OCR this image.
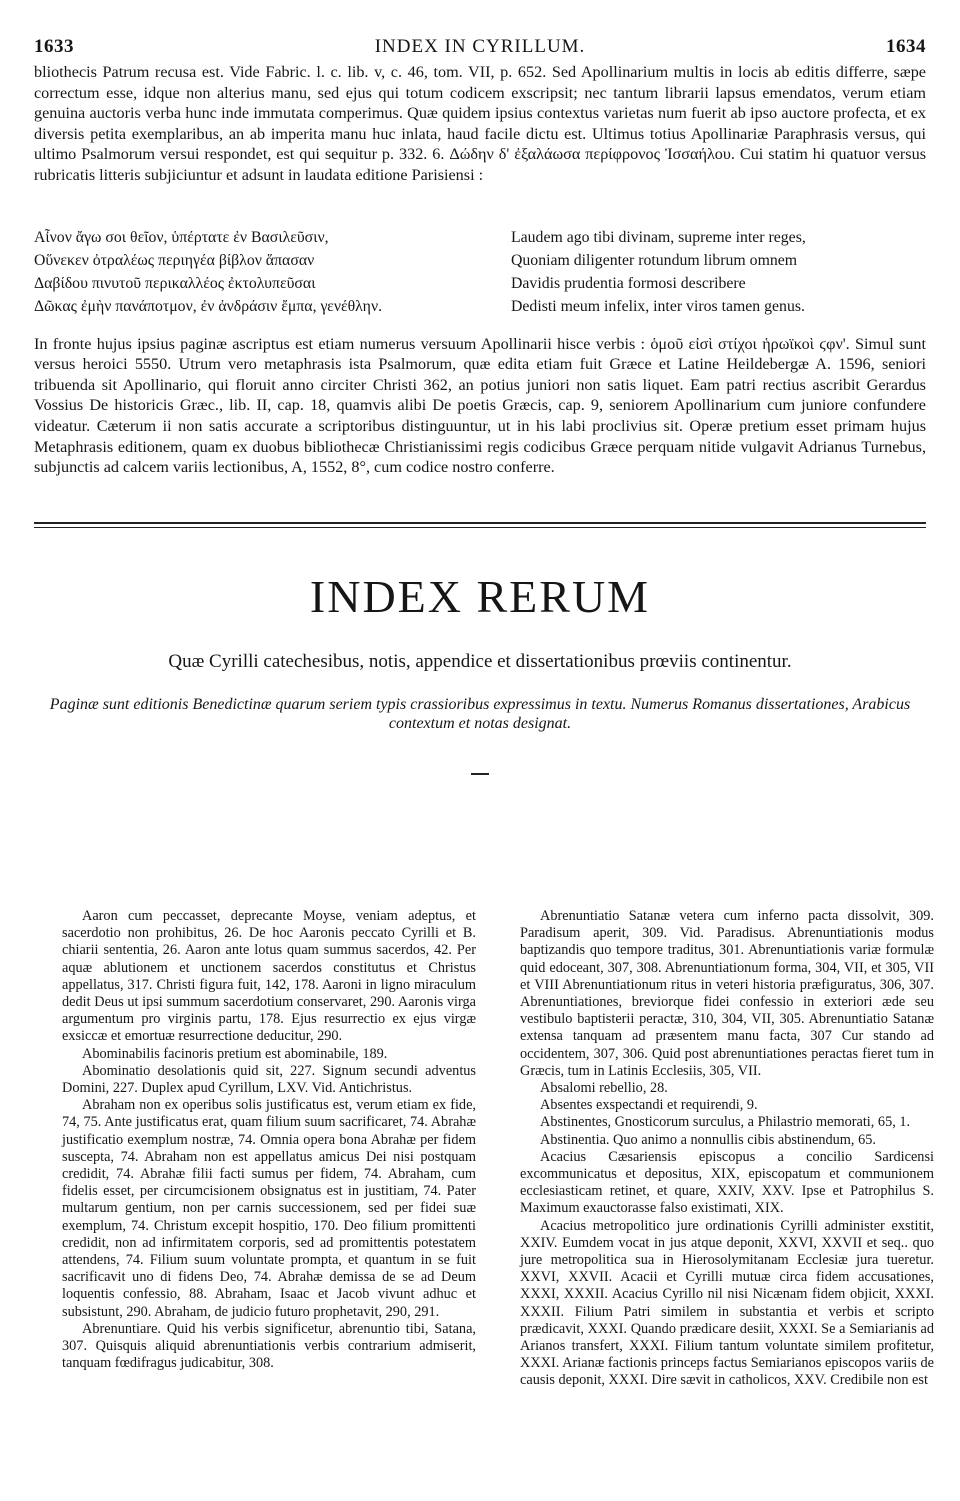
1633	INDEX IN CYRILLUM.	1634

bliothecis Patrum recusa est. Vide Fabric. l. c. lib. v, c. 46, tom. VII, p. 652. Sed Apollinarium multis in locis ab editis differre, sæpe correctum esse, idque non alterius manu, sed ejus qui totum codicem exscripsit; nec tantum librarii lapsus emendatos, verum etiam genuina auctoris verba hunc inde immutata comperimus. Quæ quidem ipsius contextus varietas num fuerit ab ipso auctore profecta, et ex diversis petita exemplaribus, an ab imperita manu huc inlata, haud facile dictu est. Ultimus totius Apollinariæ Paraphrasis versus, qui ultimo Psalmorum versui respondet, est qui sequitur p. 332. 6. Δώδην δ' ἐξαλάωσα περίφρονος Ἰσσαήλου. Cui statim hi quatuor versus rubricatis litteris subjiciuntur et adsunt in laudata editione Parisiensi :

Αἶνον ἄγω σοι θεῖον, ὑπέρτατε ἐν Βασιλεῦσιν,
Οὕνεκεν ὀτραλέως περιηγέα βίβλον ἅπασαν
Δαβίδου πινυτοῦ περικαλλέος ἐκτολυπεῦσαι
Δῶκας ἐμὴν πανάποτμον, ἐν ἀνδράσιν ἔμπα, γενέθλην.
Laudem ago tibi divinam, supreme inter reges,
Quoniam diligenter rotundum librum omnem
Davidis prudentia formosi describere
Dedisti meum infelix, inter viros tamen genus.

In fronte hujus ipsius paginæ ascriptus est etiam numerus versuum Apollinarii hisce verbis : ὁμοῦ εἰσὶ στίχοι ἡρωϊκοὶ ϛφν'. Simul sunt versus heroici 5550. Utrum vero metaphrasis ista Psalmorum, quæ edita etiam fuit Græce et Latine Heildebergæ A. 1596, seniori tribuenda sit Apollinario, qui floruit anno circiter Christi 362, an potius juniori non satis liquet. Eam patri rectius ascribit Gerardus Vossius De historicis Græc., lib. II, cap. 18, quamvis alibi De poetis Græcis, cap. 9, seniorem Apollinarium cum juniore confundere videatur. Cæterum ii non satis accurate a scriptoribus distinguuntur, ut in his labi proclivius sit. Operæ pretium esset primam hujus Metaphrasis editionem, quam ex duobus bibliothecæ Christianissimi regis codicibus Græce perquam nitide vulgavit Adrianus Turnebus, subjunctis ad calcem variis lectionibus, A, 1552, 8°, cum codice nostro conferre.

INDEX RERUM
Quæ Cyrilli catechesibus, notis, appendice et dissertationibus prœviis continentur.
Paginæ sunt editionis Benedictinæ quarum seriem typis crassioribus expressimus in textu. Numerus Romanus dissertationes, Arabicus contextum et notas designat.

Aaron cum peccasset, deprecante Moyse, veniam adeptus, et sacerdotio non prohibitus, 26. De hoc Aaronis peccato Cyrilli et B. chiarii sententia, 26. Aaron ante lotus quam summus sacerdos, 42. Per aquæ ablutionem et unctionem sacerdos constitutus et Christus appellatus, 317. Christi figura fuit, 142, 178. Aaroni in ligno miraculum dedit Deus ut ipsi summum sacerdotium conservaret, 290. Aaronis virga argumentum pro virginis partu, 178. Ejus resurrectio ex ejus virgæ exsiccæ et emortuæ resurrectione deducitur, 290.

Abominabilis facinoris pretium est abominabile, 189.

Abominatio desolationis quid sit, 227. Signum secundi adventus Domini, 227. Duplex apud Cyrillum, LXV. Vid. Antichristus.

Abraham non ex operibus solis justificatus est, verum etiam ex fide, 74, 75. Ante justificatus erat, quam filium suum sacrificaret, 74. Abrahæ justificatio exemplum nostræ, 74. Omnia opera bona Abrahæ per fidem suscepta, 74. Abraham non est appellatus amicus Dei nisi postquam credidit, 74. Abrahæ filii facti sumus per fidem, 74. Abraham, cum fidelis esset, per circumcisionem obsignatus est in justitiam, 74. Pater multarum gentium, non per carnis successionem, sed per fidei suæ exemplum, 74. Christum excepit hospitio, 170. Deo filium promittenti credidit, non ad infirmitatem corporis, sed ad promittentis potestatem attendens, 74. Filium suum voluntate prompta, et quantum in se fuit sacrificavit uno di fidens Deo, 74. Abrahæ demissa de se ad Deum loquentis confessio, 88. Abraham, Isaac et Jacob vivunt adhuc et subsistunt, 290. Abraham, de judicio futuro prophetavit, 290, 291.

Abrenuntiare. Quid his verbis significetur, abrenuntio tibi, Satana, 307. Quisquis aliquid abrenuntiationis verbis contrarium admiserit, tanquam fœdifragus judicabitur, 308.

Abrenuntiatio Satanæ vetera cum inferno pacta dissolvit, 309. Paradisum aperit, 309. Vid. Paradisus. Abrenuntiationis modus baptizandis quo tempore traditus, 301. Abrenuntiationis variæ formulæ quid edoceant, 307, 308. Abrenuntiationum forma, 304, VII, et 305, VII et VIII Abrenuntiationum ritus in veteri historia præfiguratus, 306, 307. Abrenuntiationes, breviorque fidei confessio in exteriori æde seu vestibulo baptisterii peractæ, 310, 304, VII, 305. Abrenuntiatio Satanæ extensa tanquam ad præsentem manu facta, 307 Cur stando ad occidentem, 307, 306. Quid post abrenuntiationes peractas fieret tum in Græcis, tum in Latinis Ecclesiis, 305, VII.

Absalomi rebellio, 28.

Absentes exspectandi et requirendi, 9.

Abstinentes, Gnosticorum surculus, a Philastrio memorati, 65, 1.

Abstinentia. Quo animo a nonnullis cibis abstinendum, 65.

Acacius Cæsariensis episcopus a concilio Sardicensi excommunicatus et depositus, XIX, episcopatum et communionem ecclesiasticam retinet, et quare, XXIV, XXV. Ipse et Patrophilus S. Maximum exauctorasse falso existimati, XIX.

Acacius metropolitico jure ordinationis Cyrilli administer exstitit, XXIV. Eumdem vocat in jus atque deponit, XXVI, XXVII et seq.. quo jure metropolitica sua in Hierosolymitanam Ecclesiæ jura tueretur. XXVI, XXVII. Acacii et Cyrilli mutuæ circa fidem accusationes, XXXI, XXXII. Acacius Cyrillo nil nisi Nicænam fidem objicit, XXXI. XXXII. Filium Patri similem in substantia et verbis et scripto prædicavit, XXXI. Quando prædicare desiit, XXXI. Se a Semiarianis ad Arianos transfert, XXXI. Filium tantum voluntate similem profitetur, XXXI. Arianæ factionis princeps factus Semiarianos episcopos variis de causis deponit, XXXI. Dire sævit in catholicos, XXV. Credibile non est
